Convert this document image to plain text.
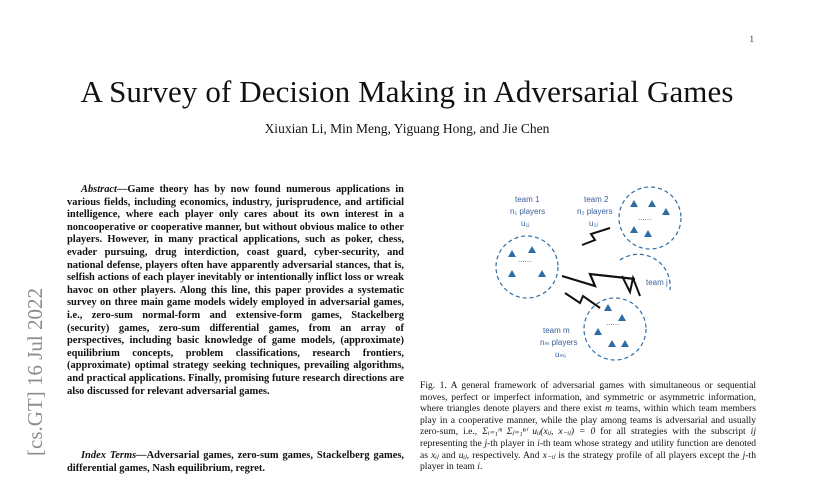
1
A Survey of Decision Making in Adversarial Games
Xiuxian Li, Min Meng, Yiguang Hong, and Jie Chen
[cs.GT] 16 Jul 2022
Abstract—Game theory has by now found numerous applications in various fields, including economics, industry, jurisprudence, and artificial intelligence, where each player only cares about its own interest in a noncooperative or cooperative manner, but without obvious malice to other players. However, in many practical applications, such as poker, chess, evader pursuing, drug interdiction, coast guard, cyber-security, and national defense, players often have apparently adversarial stances, that is, selfish actions of each player inevitably or intentionally inflict loss or wreak havoc on other players. Along this line, this paper provides a systematic survey on three main game models widely employed in adversarial games, i.e., zero-sum normal-form and extensive-form games, Stackelberg (security) games, zero-sum differential games, from an array of perspectives, including basic knowledge of game models, (approximate) equilibrium concepts, problem classifications, research frontiers, (approximate) optimal strategy seeking techniques, prevailing algorithms, and practical applications. Finally, promising future research directions are also discussed for relevant adversarial games.
Index Terms—Adversarial games, zero-sum games, Stackelberg games, differential games, Nash equilibrium, regret.
......
......
......
team 1
n₁ players
u₁ⱼ
team 2
n₂ players
u₂ⱼ
team j
team m
nₘ players
uₘⱼ
Fig. 1. A general framework of adversarial games with simultaneous or sequential moves, perfect or imperfect information, and symmetric or asymmetric information, where triangles denote players and there exist m teams, within which team members play in a cooperative manner, while the play among teams is adversarial and usually zero-sum, i.e., Σᵢ₌₁ᵐ Σⱼ₌₁ⁿⁱ uᵢⱼ(xᵢⱼ, x₋ᵢⱼ) = 0 for all strategies with the subscript ij representing the j-th player in i-th team whose strategy and utility function are denoted as xᵢⱼ and uᵢⱼ, respectively. And x₋ᵢⱼ is the strategy profile of all players except the j-th player in team i.
